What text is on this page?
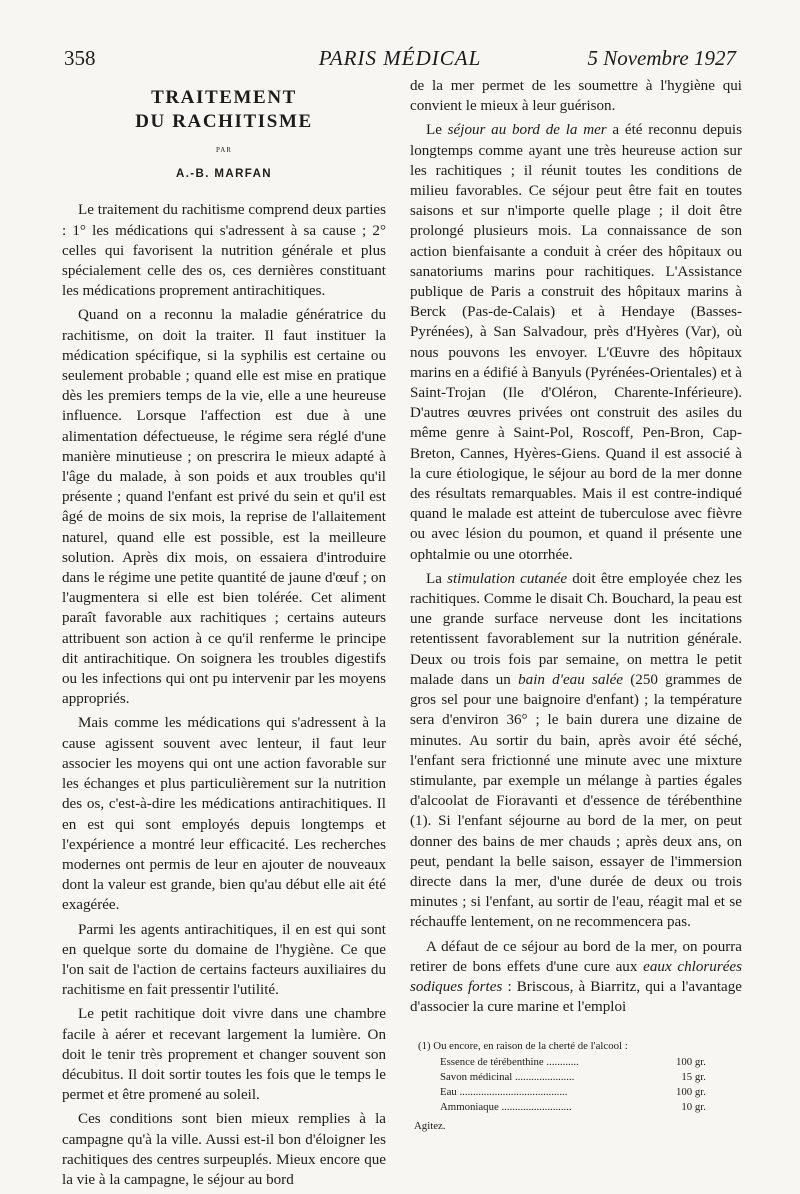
358	PARIS MÉDICAL	5 Novembre 1927
TRAITEMENT
DU RACHITISME
PAR
A.-B. MARFAN

Le traitement du rachitisme comprend deux parties : 1° les médications qui s'adressent à sa cause ; 2° celles qui favorisent la nutrition générale et plus spécialement celle des os, ces dernières constituant les médications proprement antirachitiques.

Quand on a reconnu la maladie génératrice du rachitisme, on doit la traiter. Il faut instituer la médication spécifique, si la syphilis est certaine ou seulement probable ; quand elle est mise en pratique dès les premiers temps de la vie, elle a une heureuse influence. Lorsque l'affection est due à une alimentation défectueuse, le régime sera réglé d'une manière minutieuse ; on prescrira le mieux adapté à l'âge du malade, à son poids et aux troubles qu'il présente ; quand l'enfant est privé du sein et qu'il est âgé de moins de six mois, la reprise de l'allaitement naturel, quand elle est possible, est la meilleure solution. Après dix mois, on essaiera d'introduire dans le régime une petite quantité de jaune d'œuf ; on l'augmentera si elle est bien tolérée. Cet aliment paraît favorable aux rachitiques ; certains auteurs attribuent son action à ce qu'il renferme le principe dit antirachitique. On soignera les troubles digestifs ou les infections qui ont pu intervenir par les moyens appropriés.

Mais comme les médications qui s'adressent à la cause agissent souvent avec lenteur, il faut leur associer les moyens qui ont une action favorable sur les échanges et plus particulièrement sur la nutrition des os, c'est-à-dire les médications antirachitiques. Il en est qui sont employés depuis longtemps et l'expérience a montré leur efficacité. Les recherches modernes ont permis de leur en ajouter de nouveaux dont la valeur est grande, bien qu'au début elle ait été exagérée.

Parmi les agents antirachitiques, il en est qui sont en quelque sorte du domaine de l'hygiène. Ce que l'on sait de l'action de certains facteurs auxiliaires du rachitisme en fait pressentir l'utilité.

Le petit rachitique doit vivre dans une chambre facile à aérer et recevant largement la lumière. On doit le tenir très proprement et changer souvent son décubitus. Il doit sortir toutes les fois que le temps le permet et être promené au soleil.

Ces conditions sont bien mieux remplies à la campagne qu'à la ville. Aussi est-il bon d'éloigner les rachitiques des centres surpeuplés. Mieux encore que la vie à la campagne, le séjour au bord

de la mer permet de les soumettre à l'hygiène qui convient le mieux à leur guérison.

Le séjour au bord de la mer a été reconnu depuis longtemps comme ayant une très heureuse action sur les rachitiques ; il réunit toutes les conditions de milieu favorables. Ce séjour peut être fait en toutes saisons et sur n'importe quelle plage ; il doit être prolongé plusieurs mois. La connaissance de son action bienfaisante a conduit à créer des hôpitaux ou sanatoriums marins pour rachitiques. L'Assistance publique de Paris a construit des hôpitaux marins à Berck (Pas-de-Calais) et à Hendaye (Basses-Pyrénées), à San Salvadour, près d'Hyères (Var), où nous pouvons les envoyer. L'Œuvre des hôpitaux marins en a édifié à Banyuls (Pyrénées-Orientales) et à Saint-Trojan (Ile d'Oléron, Charente-Inférieure). D'autres œuvres privées ont construit des asiles du même genre à Saint-Pol, Roscoff, Pen-Bron, Cap-Breton, Cannes, Hyères-Giens. Quand il est associé à la cure étiologique, le séjour au bord de la mer donne des résultats remarquables. Mais il est contre-indiqué quand le malade est atteint de tuberculose avec fièvre ou avec lésion du poumon, et quand il présente une ophtalmie ou une otorrhée.

La stimulation cutanée doit être employée chez les rachitiques. Comme le disait Ch. Bouchard, la peau est une grande surface nerveuse dont les incitations retentissent favorablement sur la nutrition générale. Deux ou trois fois par semaine, on mettra le petit malade dans un bain d'eau salée (250 grammes de gros sel pour une baignoire d'enfant) ; la température sera d'environ 36° ; le bain durera une dizaine de minutes. Au sortir du bain, après avoir été séché, l'enfant sera frictionné une minute avec une mixture stimulante, par exemple un mélange à parties égales d'alcoolat de Fioravanti et d'essence de térébenthine (1). Si l'enfant séjourne au bord de la mer, on peut donner des bains de mer chauds ; après deux ans, on peut, pendant la belle saison, essayer de l'immersion directe dans la mer, d'une durée de deux ou trois minutes ; si l'enfant, au sortir de l'eau, réagit mal et se réchauffe lentement, on ne recommencera pas.

A défaut de ce séjour au bord de la mer, on pourra retirer de bons effets d'une cure aux eaux chlorurées sodiques fortes : Briscous, à Biarritz, qui a l'avantage d'associer la cure marine et l'emploi

(1) Ou encore, en raison de la cherté de l'alcool :
Essence de térébenthine ............	100 gr.
Savon médicinal ......................	15 gr.
Eau ........................................	100 gr.
Ammoniaque ..........................	10 gr.
Agitez.
